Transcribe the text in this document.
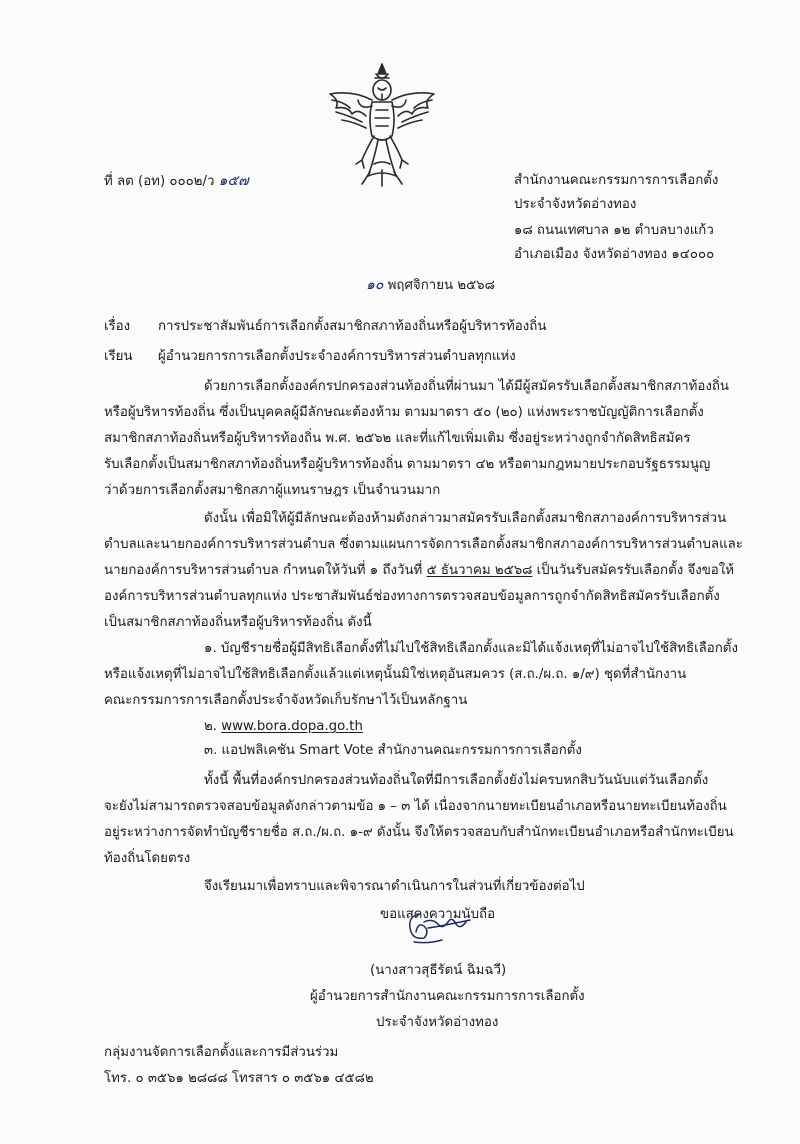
ที่ ลต (อท) ๐๐๐๒/ว ๑๕๗	สำนักงานคณะกรรมการการเลือกตั้ง
ประจำจังหวัดอ่างทอง
๑๘ ถนนเทศบาล ๑๒ ตำบลบางแก้ว
อำเภอเมือง จังหวัดอ่างทอง ๑๔๐๐๐
๑๐ พฤศจิกายน ๒๕๖๘
เรื่อง การประชาสัมพันธ์การเลือกตั้งสมาชิกสภาท้องถิ่นหรือผู้บริหารท้องถิ่น
เรียน ผู้อำนวยการการเลือกตั้งประจำองค์การบริหารส่วนตำบลทุกแห่ง
ด้วยการเลือกตั้งองค์กรปกครองส่วนท้องถิ่นที่ผ่านมา ได้มีผู้สมัครรับเลือกตั้งสมาชิกสภาท้องถิ่น
หรือผู้บริหารท้องถิ่น ซึ่งเป็นบุคคลผู้มีลักษณะต้องห้าม ตามมาตรา ๕๐ (๒๐) แห่งพระราชบัญญัติการเลือกตั้ง
สมาชิกสภาท้องถิ่นหรือผู้บริหารท้องถิ่น พ.ศ. ๒๕๖๒ และที่แก้ไขเพิ่มเติม ซึ่งอยู่ระหว่างถูกจำกัดสิทธิสมัคร
รับเลือกตั้งเป็นสมาชิกสภาท้องถิ่นหรือผู้บริหารท้องถิ่น ตามมาตรา ๔๒ หรือตามกฎหมายประกอบรัฐธรรมนูญ
ว่าด้วยการเลือกตั้งสมาชิกสภาผู้แทนราษฎร เป็นจำนวนมาก
ดังนั้น เพื่อมิให้ผู้มีลักษณะต้องห้ามดังกล่าวมาสมัครรับเลือกตั้งสมาชิกสภาองค์การบริหารส่วน
ตำบลและนายกองค์การบริหารส่วนตำบล ซึ่งตามแผนการจัดการเลือกตั้งสมาชิกสภาองค์การบริหารส่วนตำบลและ
นายกองค์การบริหารส่วนตำบล กำหนดให้วันที่ ๑ ถึงวันที่ ๕ ธันวาคม ๒๕๖๘ เป็นวันรับสมัครรับเลือกตั้ง จึงขอให้
องค์การบริหารส่วนตำบลทุกแห่ง ประชาสัมพันธ์ช่องทางการตรวจสอบข้อมูลการถูกจำกัดสิทธิสมัครรับเลือกตั้ง
เป็นสมาชิกสภาท้องถิ่นหรือผู้บริหารท้องถิ่น ดังนี้
๑. บัญชีรายชื่อผู้มีสิทธิเลือกตั้งที่ไม่ไปใช้สิทธิเลือกตั้งและมิได้แจ้งเหตุที่ไม่อาจไปใช้สิทธิเลือกตั้ง
หรือแจ้งเหตุที่ไม่อาจไปใช้สิทธิเลือกตั้งแล้วแต่เหตุนั้นมิใช่เหตุอันสมควร (ส.ถ./ผ.ถ. ๑/๙) ชุดที่สำนักงาน
คณะกรรมการการเลือกตั้งประจำจังหวัดเก็บรักษาไว้เป็นหลักฐาน
๒. www.bora.dopa.go.th
๓. แอปพลิเคชัน Smart Vote สำนักงานคณะกรรมการการเลือกตั้ง
ทั้งนี้ พื้นที่องค์กรปกครองส่วนท้องถิ่นใดที่มีการเลือกตั้งยังไม่ครบหกสิบวันนับแต่วันเลือกตั้ง
จะยังไม่สามารถตรวจสอบข้อมูลดังกล่าวตามข้อ ๑ – ๓ ได้ เนื่องจากนายทะเบียนอำเภอหรือนายทะเบียนท้องถิ่น
อยู่ระหว่างการจัดทำบัญชีรายชื่อ ส.ถ./ผ.ถ. ๑-๙ ดังนั้น จึงให้ตรวจสอบกับสำนักทะเบียนอำเภอหรือสำนักทะเบียน
ท้องถิ่นโดยตรง
จึงเรียนมาเพื่อทราบและพิจารณาดำเนินการในส่วนที่เกี่ยวข้องต่อไป
ขอแสดงความนับถือ
(นางสาวสุธีรัตน์ ฉิมฉวี)
ผู้อำนวยการสำนักงานคณะกรรมการการเลือกตั้ง
ประจำจังหวัดอ่างทอง
กลุ่มงานจัดการเลือกตั้งและการมีส่วนร่วม
โทร. ๐ ๓๕๖๑ ๒๘๘๘ โทรสาร ๐ ๓๕๖๑ ๔๕๘๒
